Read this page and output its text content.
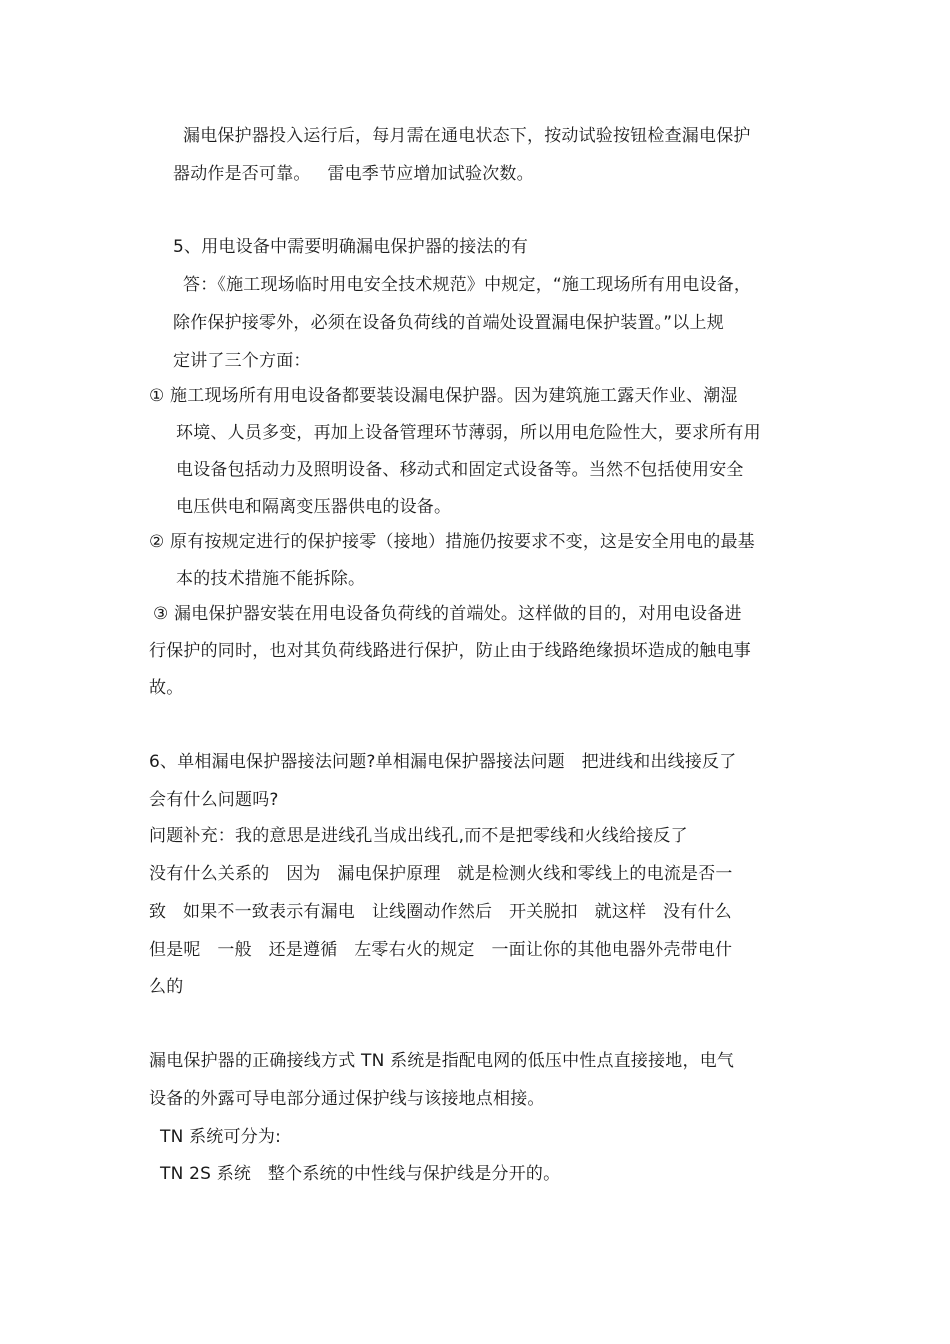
漏电保护器投入运行后，每月需在通电状态下，按动试验按钮检查漏电保护
器动作是否可靠。   雷电季节应增加试验次数。
5、用电设备中需要明确漏电保护器的接法的有
答：《施工现场临时用电安全技术规范》中规定，“施工现场所有用电设备，
除作保护接零外，必须在设备负荷线的首端处设置漏电保护装置。”以上规
定讲了三个方面：
① 施工现场所有用电设备都要装设漏电保护器。因为建筑施工露天作业、潮湿
环境、人员多变，再加上设备管理环节薄弱，所以用电危险性大，要求所有用
电设备包括动力及照明设备、移动式和固定式设备等。当然不包括使用安全
电压供电和隔离变压器供电的设备。
② 原有按规定进行的保护接零（接地）措施仍按要求不变，这是安全用电的最基
本的技术措施不能拆除。
③ 漏电保护器安装在用电设备负荷线的首端处。这样做的目的，对用电设备进
行保护的同时，也对其负荷线路进行保护，防止由于线路绝缘损坏造成的触电事
故。
6、单相漏电保护器接法问题?单相漏电保护器接法问题   把进线和出线接反了
会有什么问题吗?
问题补充：我的意思是进线孔当成出线孔,而不是把零线和火线给接反了
没有什么关系的   因为   漏电保护原理   就是检测火线和零线上的电流是否一
致   如果不一致表示有漏电   让线圈动作然后   开关脱扣   就这样   没有什么
但是呢   一般   还是遵循   左零右火的规定   一面让你的其他电器外壳带电什
么的
漏电保护器的正确接线方式 TN 系统是指配电网的低压中性点直接接地，电气
设备的外露可导电部分通过保护线与该接地点相接。
TN 系统可分为:
TN 2S 系统   整个系统的中性线与保护线是分开的。
